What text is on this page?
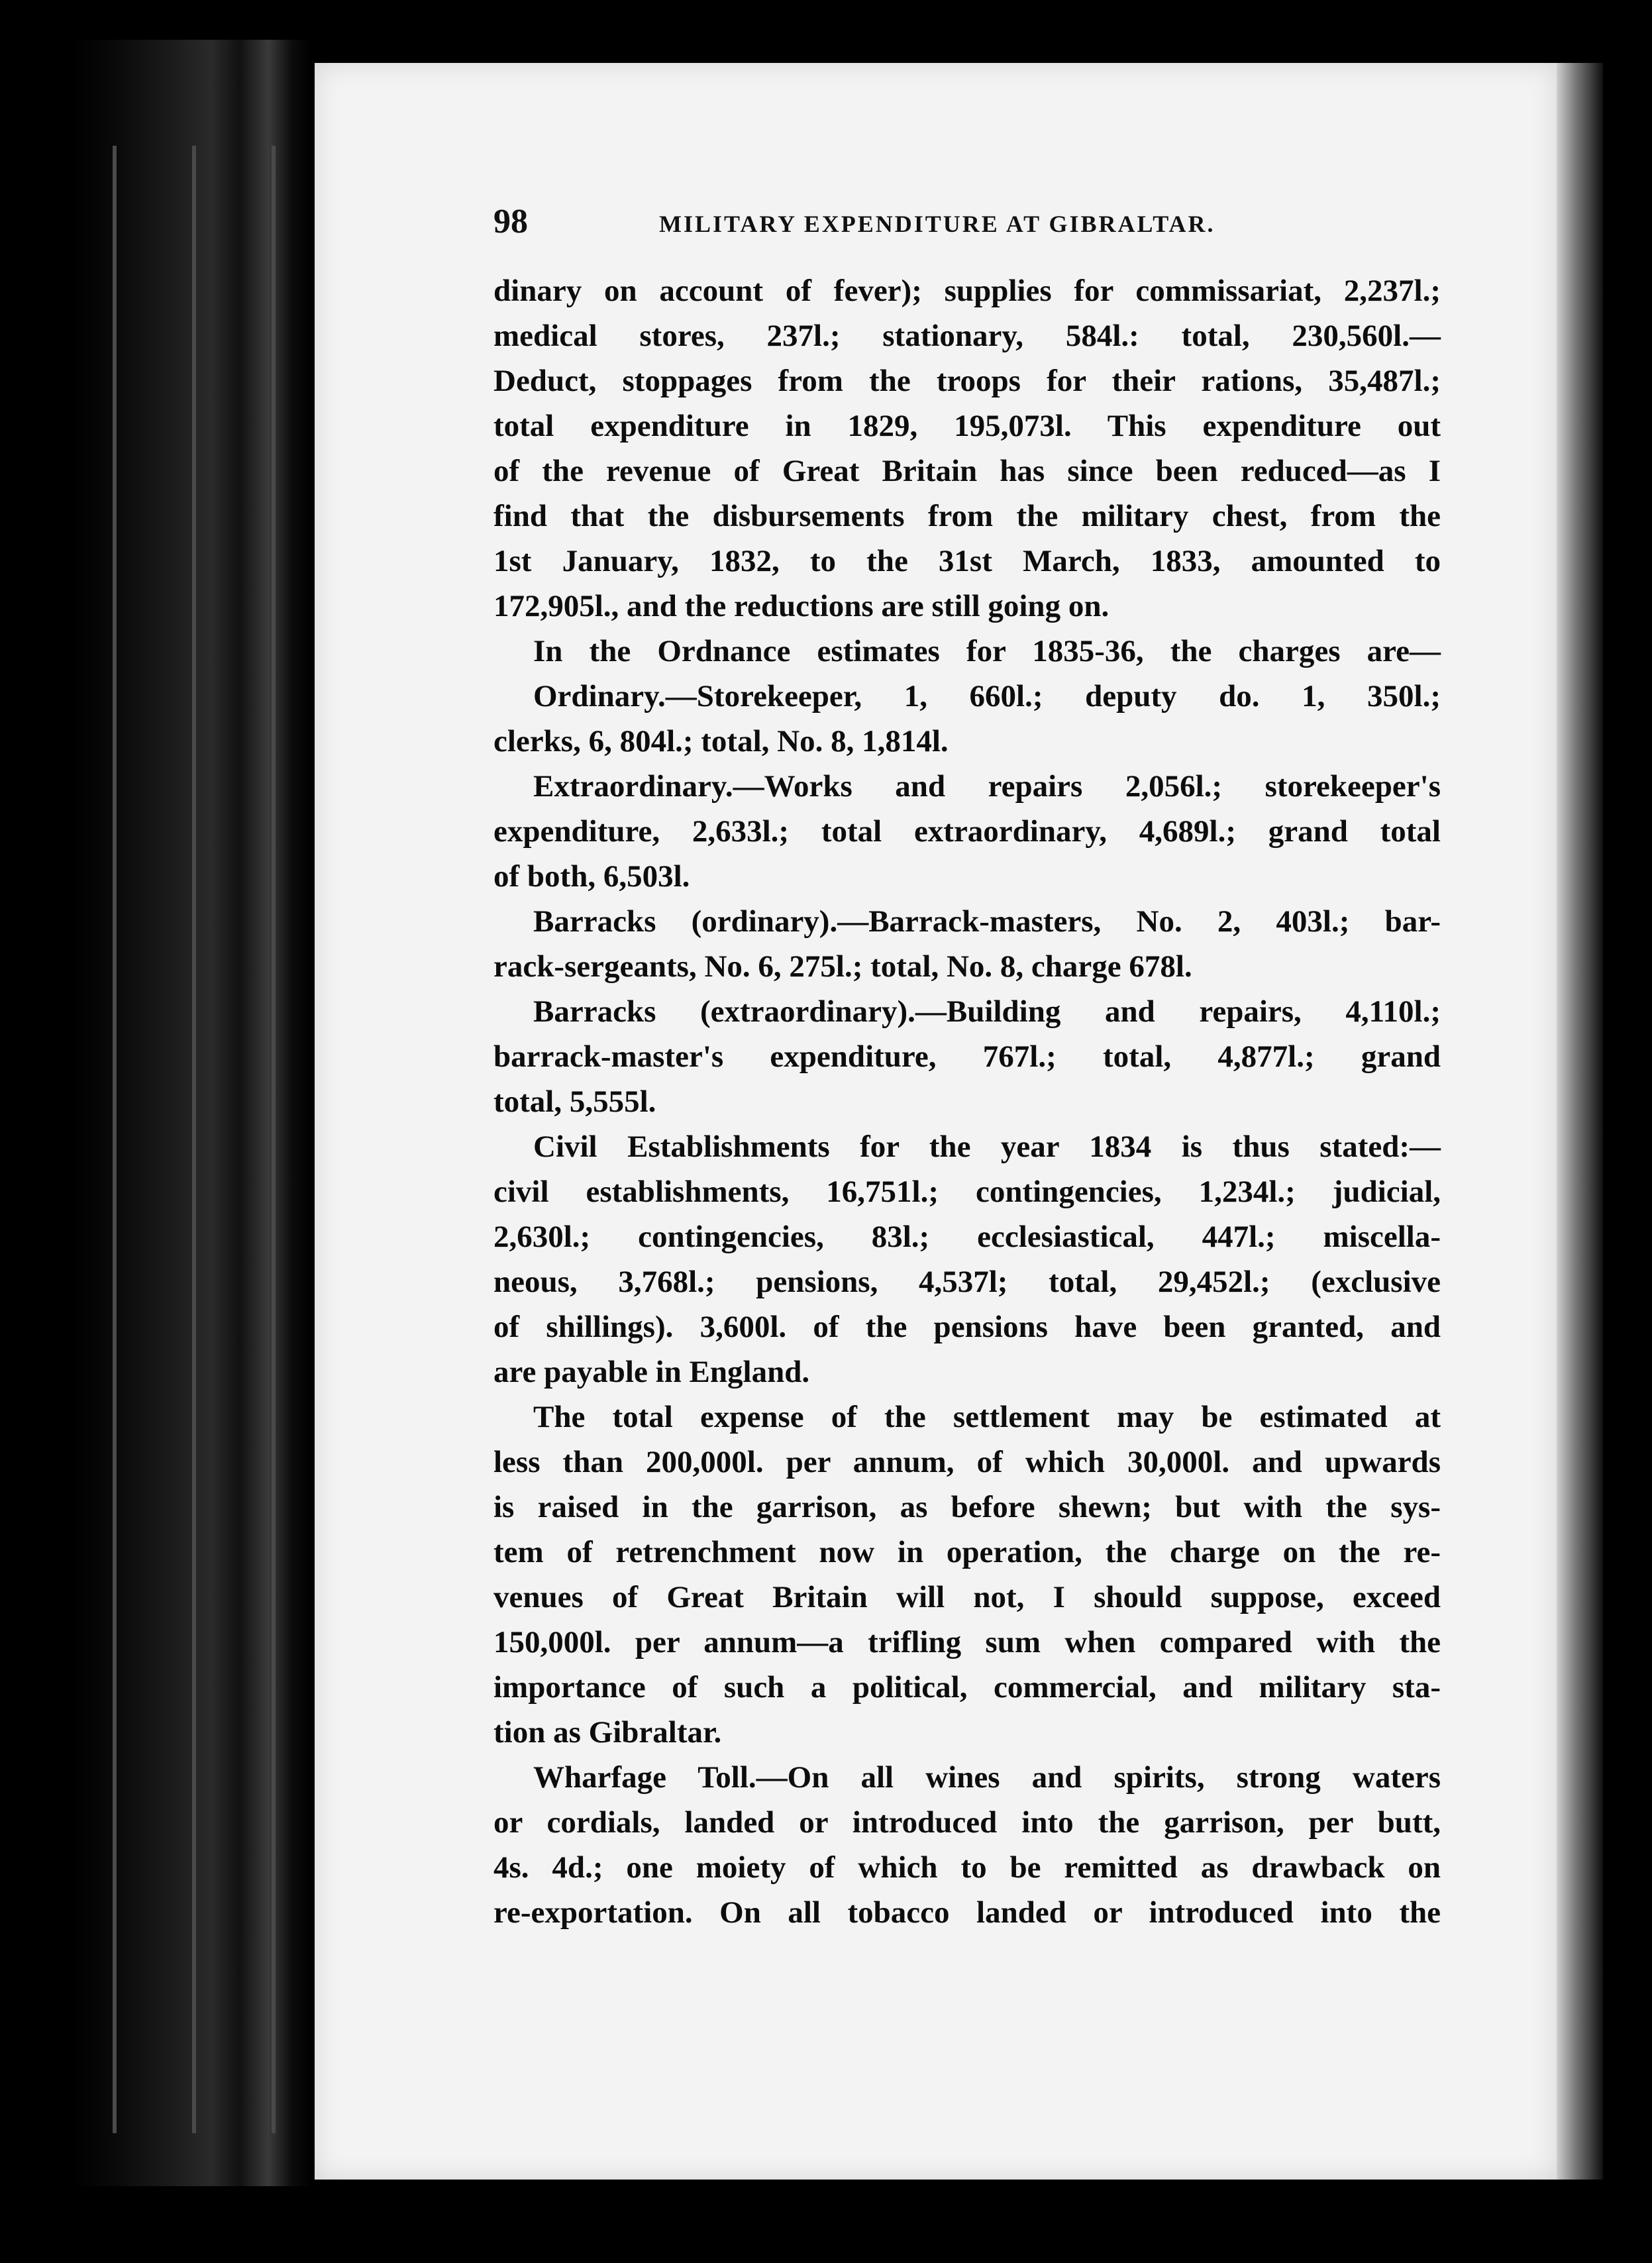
98	MILITARY EXPENDITURE AT GIBRALTAR.
dinary on account of fever); supplies for commissariat, 2,237l.;
medical stores, 237l.; stationary, 584l.: total, 230,560l.—
Deduct, stoppages from the troops for their rations, 35,487l.;
total expenditure in 1829, 195,073l. This expenditure out
of the revenue of Great Britain has since been reduced—as I
find that the disbursements from the military chest, from the
1st January, 1832, to the 31st March, 1833, amounted to
172,905l., and the reductions are still going on.
In the Ordnance estimates for 1835-36, the charges are—
Ordinary.—Storekeeper, 1, 660l.; deputy do. 1, 350l.;
clerks, 6, 804l.; total, No. 8, 1,814l.
Extraordinary.—Works and repairs 2,056l.; storekeeper's
expenditure, 2,633l.; total extraordinary, 4,689l.; grand total
of both, 6,503l.
Barracks (ordinary).—Barrack-masters, No. 2, 403l.; bar-
rack-sergeants, No. 6, 275l.; total, No. 8, charge 678l.
Barracks (extraordinary).—Building and repairs, 4,110l.;
barrack-master's expenditure, 767l.; total, 4,877l.; grand
total, 5,555l.
Civil Establishments for the year 1834 is thus stated:—
civil establishments, 16,751l.; contingencies, 1,234l.; judicial,
2,630l.; contingencies, 83l.; ecclesiastical, 447l.; miscella-
neous, 3,768l.; pensions, 4,537l; total, 29,452l.; (exclusive
of shillings). 3,600l. of the pensions have been granted, and
are payable in England.
The total expense of the settlement may be estimated at
less than 200,000l. per annum, of which 30,000l. and upwards
is raised in the garrison, as before shewn; but with the sys-
tem of retrenchment now in operation, the charge on the re-
venues of Great Britain will not, I should suppose, exceed
150,000l. per annum—a trifling sum when compared with the
importance of such a political, commercial, and military sta-
tion as Gibraltar.
Wharfage Toll.—On all wines and spirits, strong waters
or cordials, landed or introduced into the garrison, per butt,
4s. 4d.; one moiety of which to be remitted as drawback on
re-exportation. On all tobacco landed or introduced into the
